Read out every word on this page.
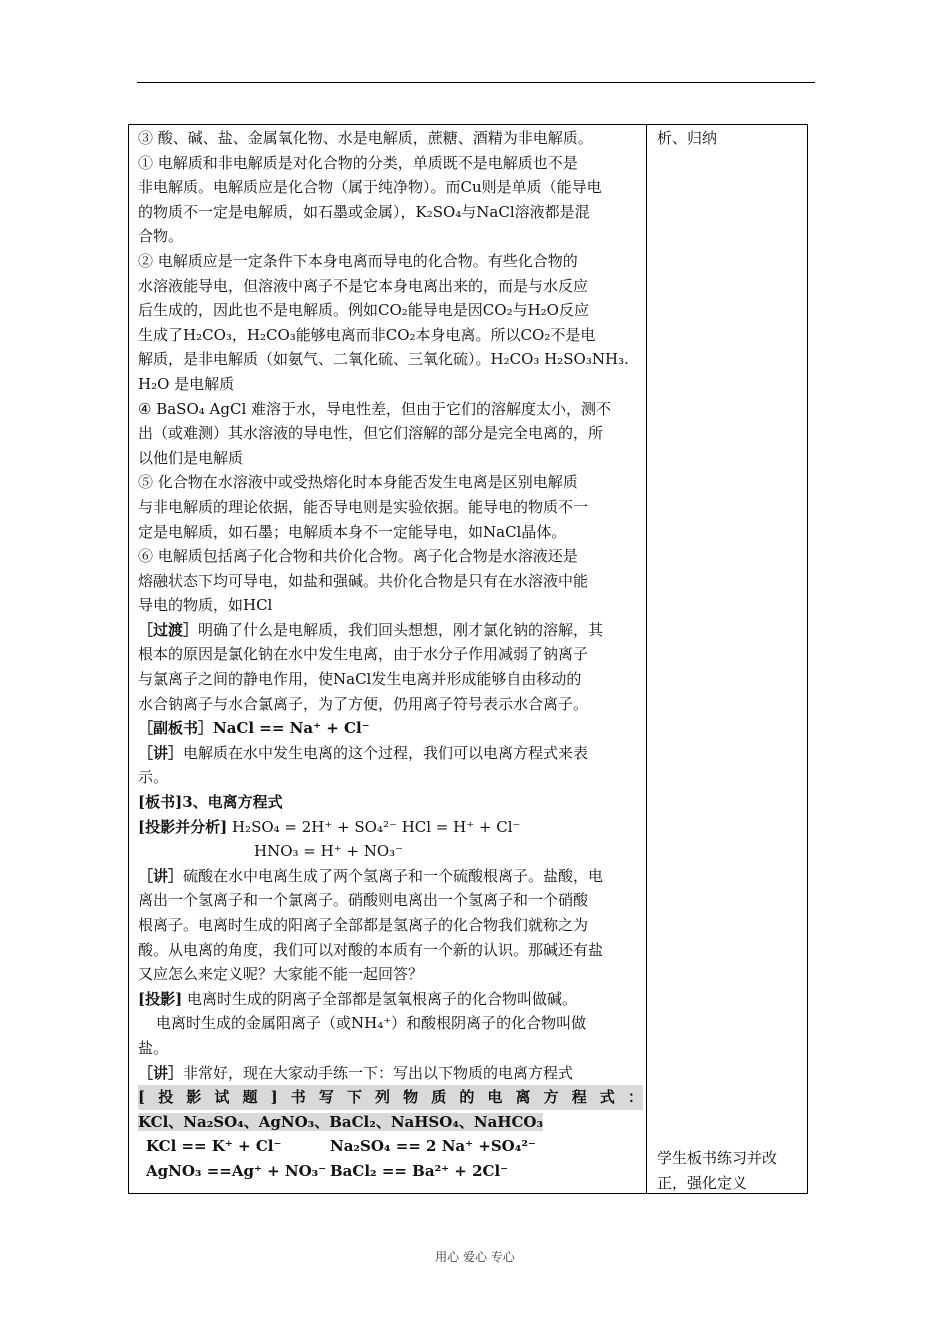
③ 酸、碱、盐、金属氧化物、水是电解质，蔗糖、酒精为非电解质。
① 电解质和非电解质是对化合物的分类，单质既不是电解质也不是
非电解质。电解质应是化合物（属于纯净物）。而Cu则是单质（能导电
的物质不一定是电解质，如石墨或金属），K₂SO₄与NaCl溶液都是混
合物。
② 电解质应是一定条件下本身电离而导电的化合物。有些化合物的
水溶液能导电，但溶液中离子不是它本身电离出来的，而是与水反应
后生成的，因此也不是电解质。例如CO₂能导电是因CO₂与H₂O反应
生成了H₂CO₃，H₂CO₃能够电离而非CO₂本身电离。所以CO₂不是电
解质，是非电解质（如氨气、二氧化硫、三氧化硫）。H₂CO₃ H₂SO₃NH₃.
H₂O 是电解质
④ BaSO₄ AgCl 难溶于水，导电性差，但由于它们的溶解度太小，测不
出（或难测）其水溶液的导电性，但它们溶解的部分是完全电离的，所
以他们是电解质
⑤ 化合物在水溶液中或受热熔化时本身能否发生电离是区别电解质
与非电解质的理论依据，能否导电则是实验依据。能导电的物质不一
定是电解质，如石墨；电解质本身不一定能导电，如NaCl晶体。
⑥ 电解质包括离子化合物和共价化合物。离子化合物是水溶液还是
熔融状态下均可导电，如盐和强碱。共价化合物是只有在水溶液中能
导电的物质，如HCl
［过渡］明确了什么是电解质，我们回头想想，刚才氯化钠的溶解，其
根本的原因是氯化钠在水中发生电离，由于水分子作用减弱了钠离子
与氯离子之间的静电作用，使NaCl发生电离并形成能够自由移动的
水合钠离子与水合氯离子，为了方便，仍用离子符号表示水合离子。
［副板书］NaCl == Na⁺ + Cl⁻
［讲］电解质在水中发生电离的这个过程，我们可以电离方程式来表
示。
[板书]3、电离方程式
[投影并分析] H₂SO₄ = 2H⁺ + SO₄²⁻ HCl = H⁺ + Cl⁻
HNO₃ = H⁺ + NO₃⁻
［讲］硫酸在水中电离生成了两个氢离子和一个硫酸根离子。盐酸，电
离出一个氢离子和一个氯离子。硝酸则电离出一个氢离子和一个硝酸
根离子。电离时生成的阳离子全部都是氢离子的化合物我们就称之为
酸。从电离的角度，我们可以对酸的本质有一个新的认识。那碱还有盐
又应怎么来定义呢？大家能不能一起回答？
[投影] 电离时生成的阴离子全部都是氢氧根离子的化合物叫做碱。
电离时生成的金属阳离子（或NH₄⁺）和酸根阴离子的化合物叫做
盐。
［讲］非常好，现在大家动手练一下：写出以下物质的电离方程式
[ 投 影 试 题 ] 书 写 下 列 物 质 的 电 离 方 程 式 ：
KCl、Na₂SO₄、AgNO₃、BaCl₂、NaHSO₄、NaHCO₃
KCl == K⁺ + Cl⁻	Na₂SO₄ == 2 Na⁺ +SO₄²⁻
AgNO₃ ==Ag⁺ + NO₃⁻ BaCl₂ == Ba²⁺ + 2Cl⁻
析、归纳
学生板书练习并改正，强化定义
用心 爱心 专心
